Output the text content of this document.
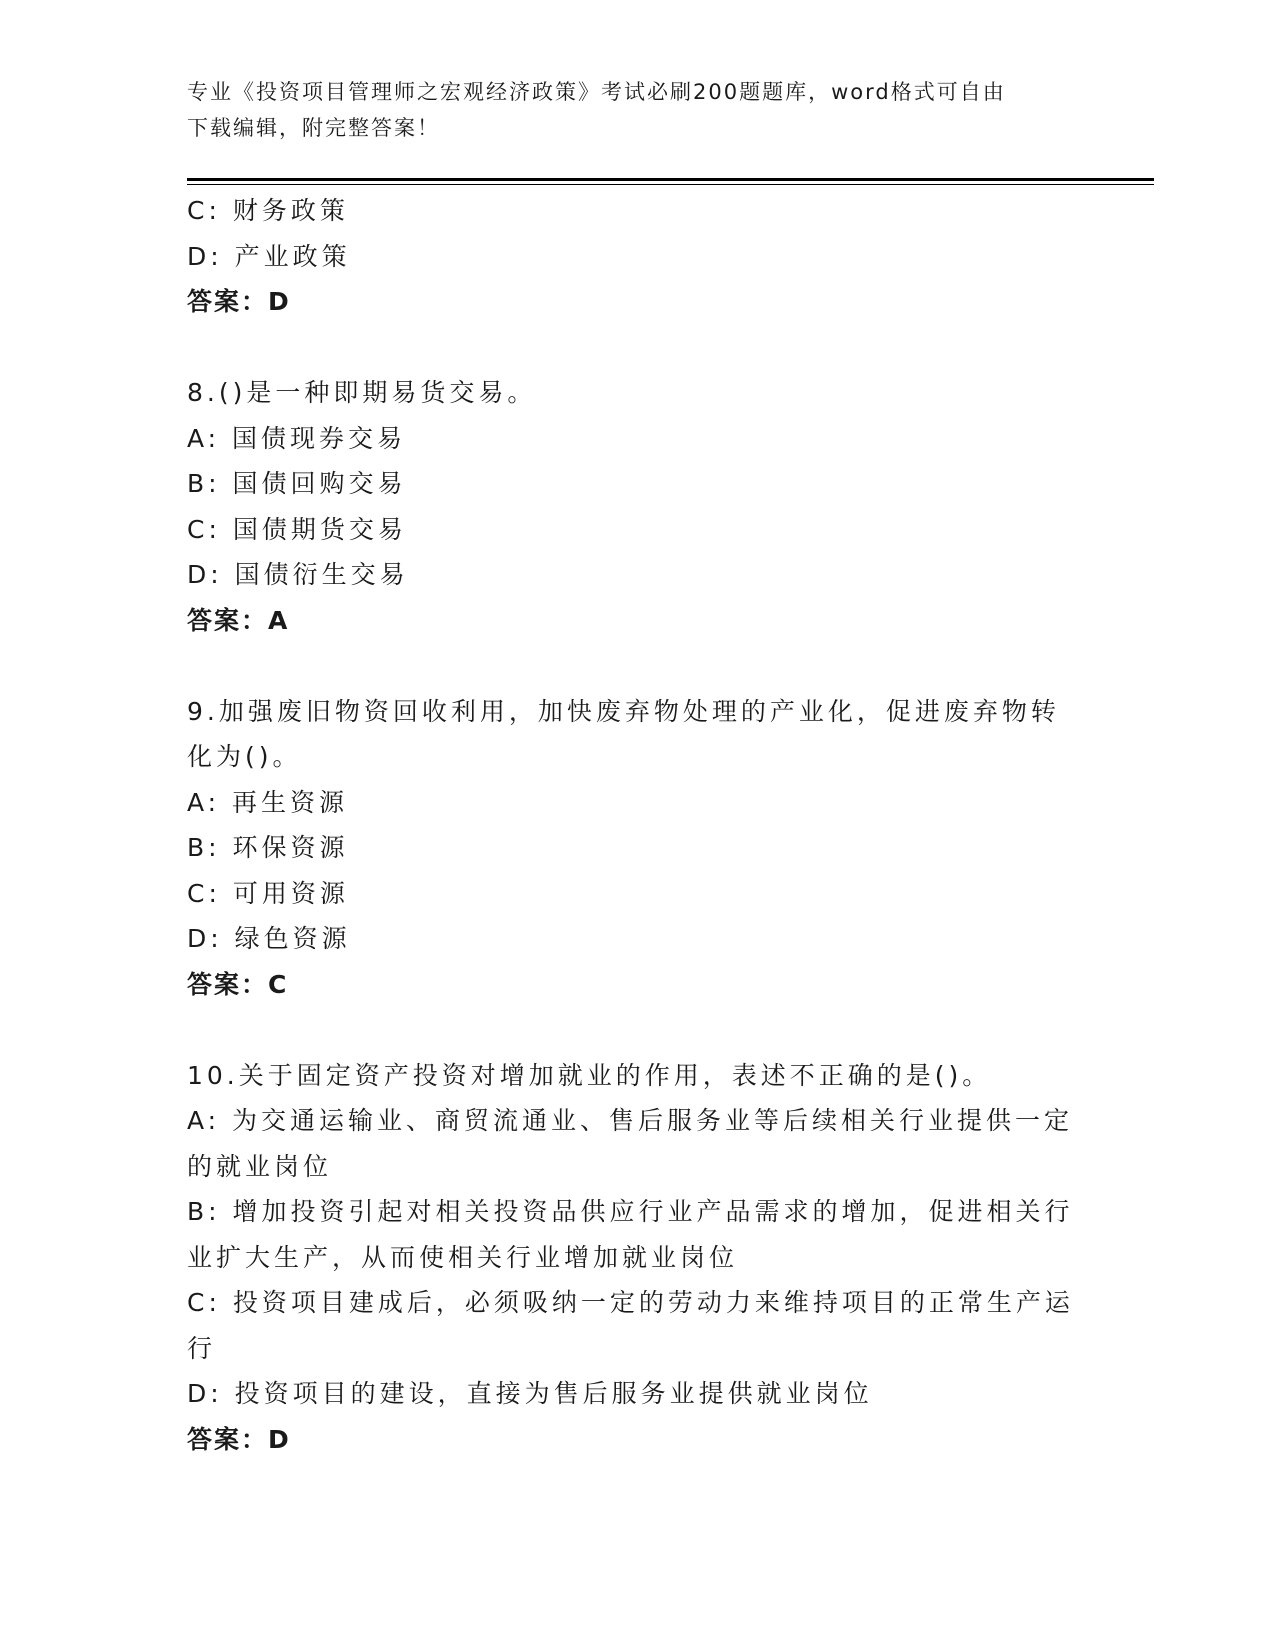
专业《投资项目管理师之宏观经济政策》考试必刷200题题库，word格式可自由
下载编辑，附完整答案！
C: 财务政策
D: 产业政策
答案：D
8.()是一种即期易货交易。
A: 国债现券交易
B: 国债回购交易
C: 国债期货交易
D: 国债衍生交易
答案：A
9.加强废旧物资回收利用，加快废弃物处理的产业化，促进废弃物转
化为()。
A: 再生资源
B: 环保资源
C: 可用资源
D: 绿色资源
答案：C
10.关于固定资产投资对增加就业的作用，表述不正确的是()。
A: 为交通运输业、商贸流通业、售后服务业等后续相关行业提供一定
的就业岗位
B: 增加投资引起对相关投资品供应行业产品需求的增加，促进相关行
业扩大生产，从而使相关行业增加就业岗位
C: 投资项目建成后，必须吸纳一定的劳动力来维持项目的正常生产运
行
D: 投资项目的建设，直接为售后服务业提供就业岗位
答案：D
